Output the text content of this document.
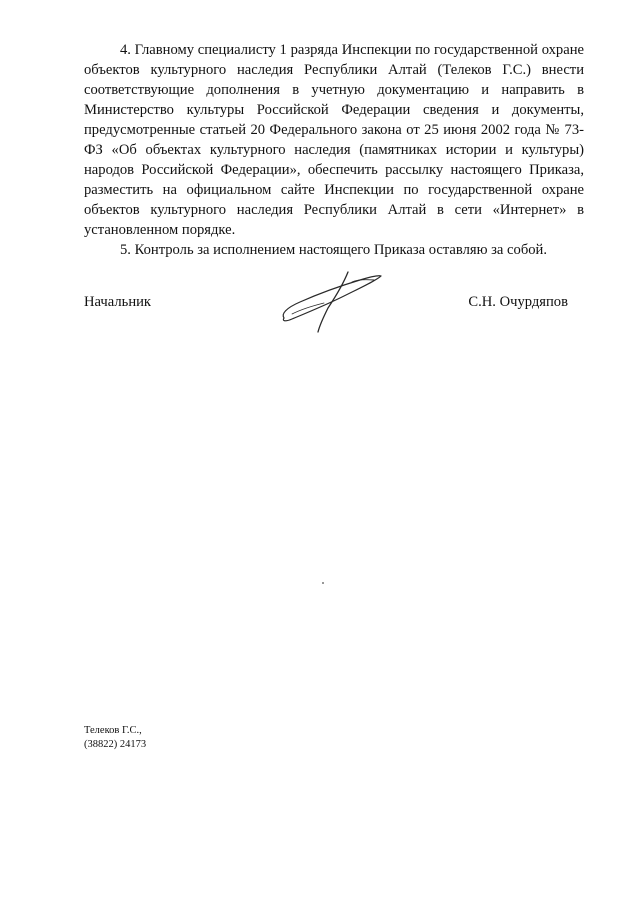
4. Главному специалисту 1 разряда Инспекции по государственной охране объектов культурного наследия Республики Алтай (Телеков Г.С.) внести соответствующие дополнения в учетную документацию и направить в Министерство культуры Российской Федерации сведения и документы, предусмотренные статьей 20 Федерального закона от 25 июня 2002 года № 73-ФЗ «Об объектах культурного наследия (памятниках истории и культуры) народов Российской Федерации», обеспечить рассылку настоящего Приказа, разместить на официальном сайте Инспекции по государственной охране объектов культурного наследия Республики Алтай в сети «Интернет» в установленном порядке.

5. Контроль за исполнением настоящего Приказа оставляю за собой.

Начальник	С.Н. Очурдяпов
Телеков Г.С.,
(38822) 24173
